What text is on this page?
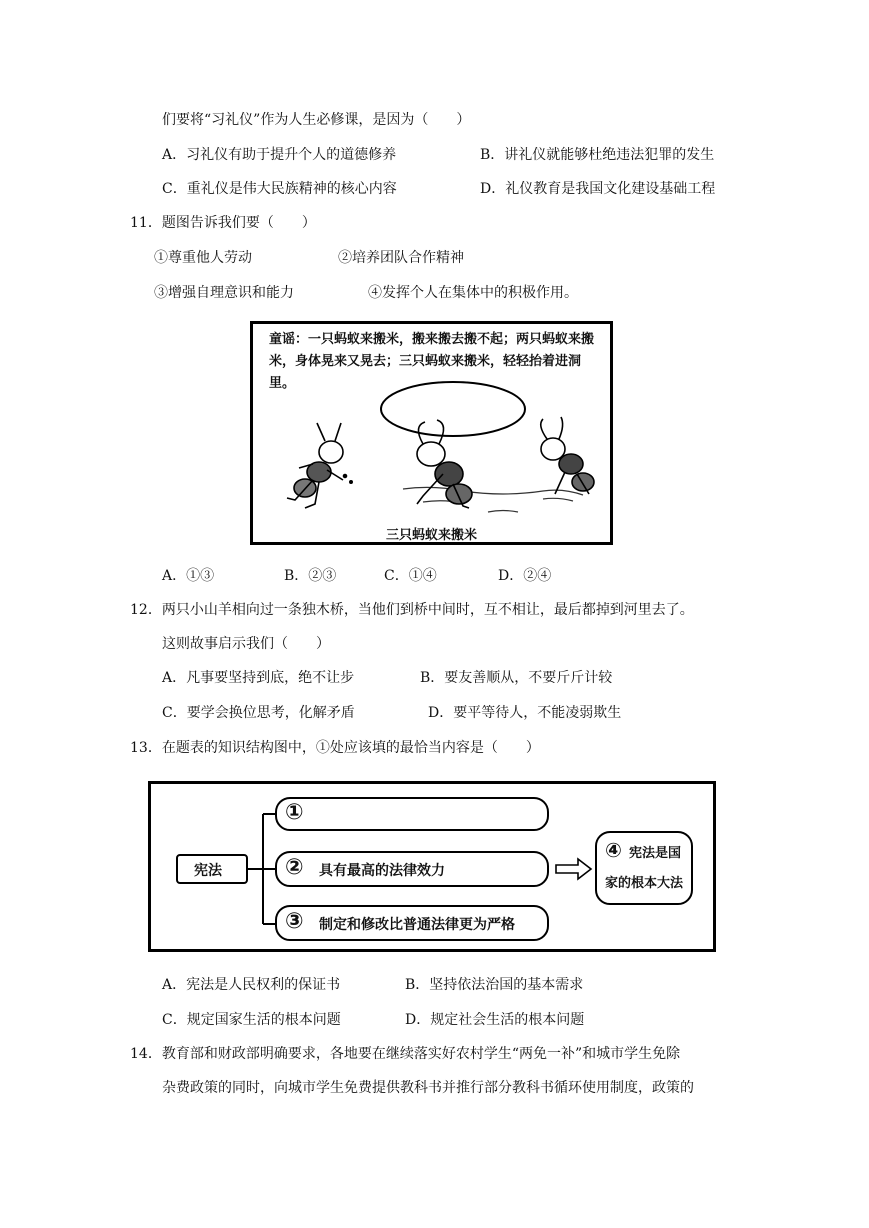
们要将“习礼仪”作为人生必修课，是因为（　　）
A．习礼仪有助于提升个人的道德修养	B．讲礼仪就能够杜绝违法犯罪的发生
C．重礼仪是伟大民族精神的核心内容	D．礼仪教育是我国文化建设基础工程
11．题图告诉我们要（　　）
①尊重他人劳动	②培养团队合作精神
③增强自理意识和能力	④发挥个人在集体中的积极作用。
童谣：一只蚂蚁来搬米，搬来搬去搬不起；两只蚂蚁来搬米，身体晃来又晃去；三只蚂蚁来搬米，轻轻抬着进洞里。
三只蚂蚁来搬米
A．①③	B．②③	C．①④	D．②④
12．两只小山羊相向过一条独木桥，当他们到桥中间时，互不相让，最后都掉到河里去了。
这则故事启示我们（　　）
A．凡事要坚持到底，绝不让步	B．要友善顺从，不要斤斤计较
C．要学会换位思考，化解矛盾	D．要平等待人，不能凌弱欺生
13．在题表的知识结构图中，①处应该填的最恰当内容是（　　）
宪法
①
② 具有最高的法律效力
③ 制定和修改比普通法律更为严格
④ 宪法是国
家的根本大法
A．宪法是人民权利的保证书	B．坚持依法治国的基本需求
C．规定国家生活的根本问题	D．规定社会生活的根本问题
14．教育部和财政部明确要求，各地要在继续落实好农村学生“两免一补”和城市学生免除
杂费政策的同时，向城市学生免费提供教科书并推行部分教科书循环使用制度，政策的
